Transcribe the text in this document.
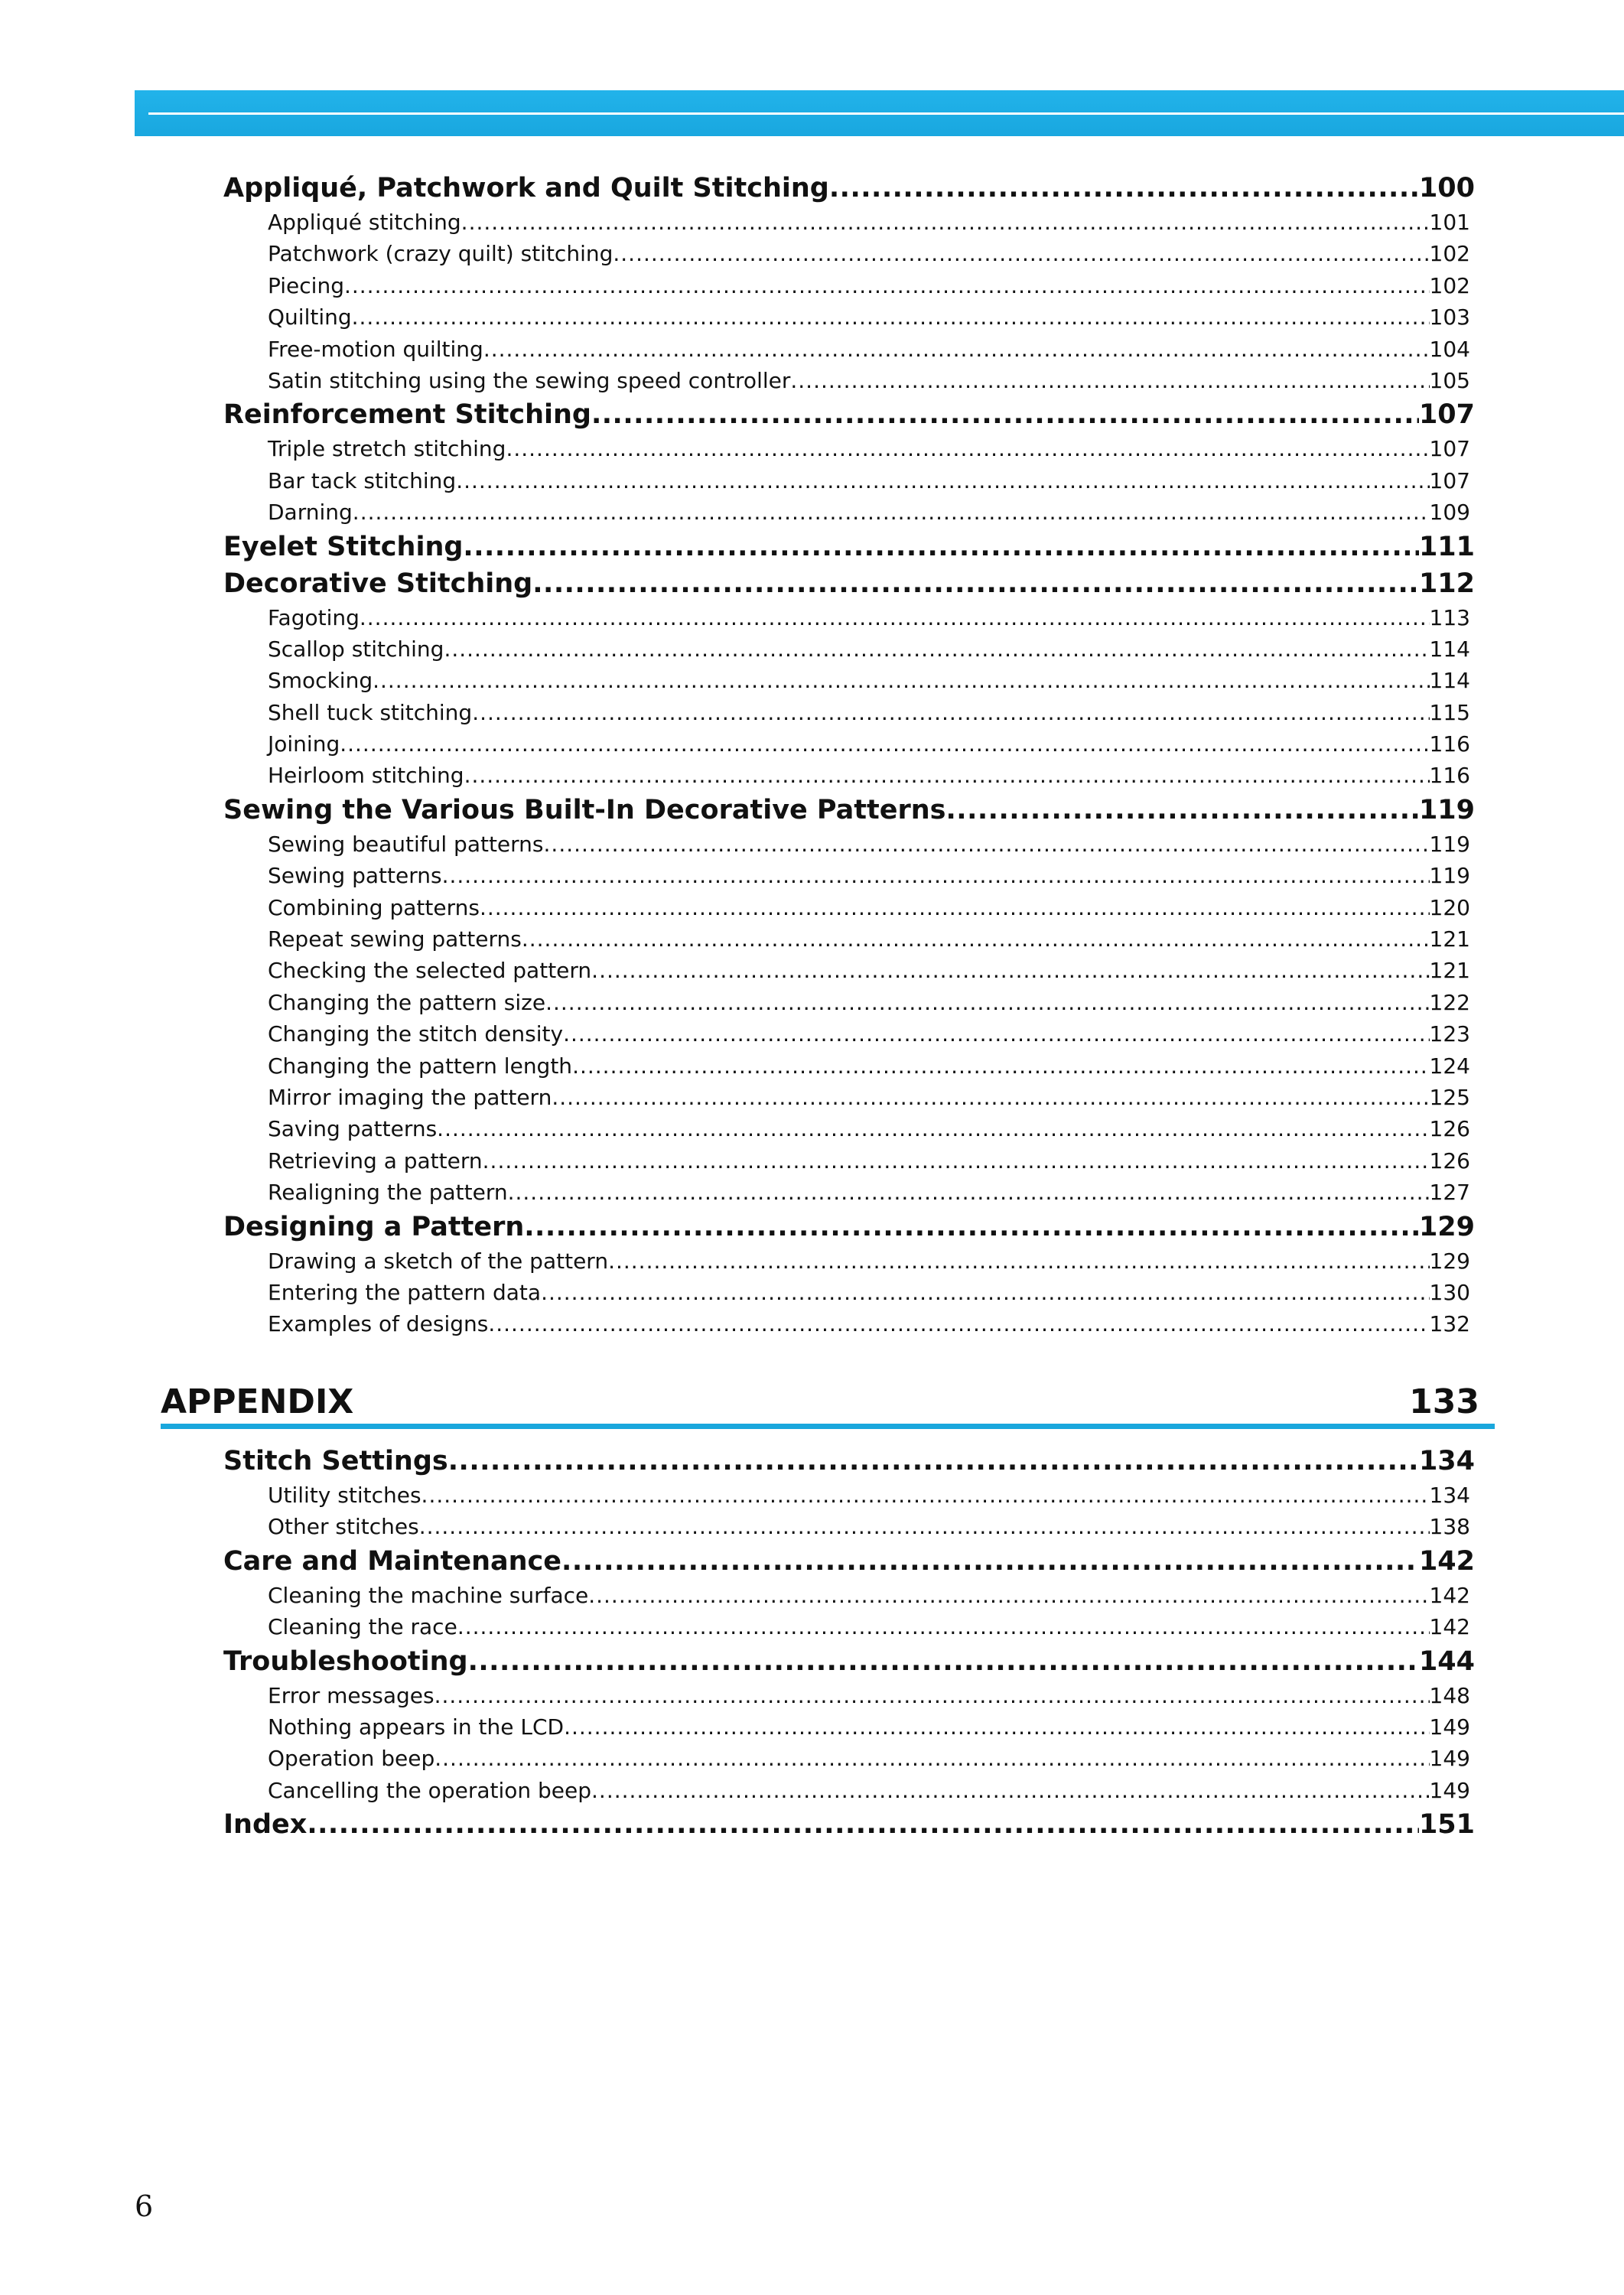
Appliqué, Patchwork and Quilt Stitching .....	100
Appliqué stitching .....	101
Patchwork (crazy quilt) stitching .....	102
Piecing .....	102
Quilting .....	103
Free-motion quilting .....	104
Satin stitching using the sewing speed controller .....	105
Reinforcement Stitching .....	107
Triple stretch stitching .....	107
Bar tack stitching .....	107
Darning .....	109
Eyelet Stitching .....	111
Decorative Stitching .....	112
Fagoting .....	113
Scallop stitching .....	114
Smocking .....	114
Shell tuck stitching .....	115
Joining .....	116
Heirloom stitching .....	116
Sewing the Various Built-In Decorative Patterns .....	119
Sewing beautiful patterns .....	119
Sewing patterns .....	119
Combining patterns .....	120
Repeat sewing patterns .....	121
Checking the selected pattern .....	121
Changing the pattern size .....	122
Changing the stitch density .....	123
Changing the pattern length .....	124
Mirror imaging the pattern .....	125
Saving patterns .....	126
Retrieving a pattern .....	126
Realigning the pattern .....	127
Designing a Pattern .....	129
Drawing a sketch of the pattern .....	129
Entering the pattern data .....	130
Examples of designs .....	132
APPENDIX	133
Stitch Settings .....	134
Utility stitches .....	134
Other stitches .....	138
Care and Maintenance .....	142
Cleaning the machine surface .....	142
Cleaning the race .....	142
Troubleshooting .....	144
Error messages .....	148
Nothing appears in the LCD .....	149
Operation beep .....	149
Cancelling the operation beep .....	149
Index .....	151
6
